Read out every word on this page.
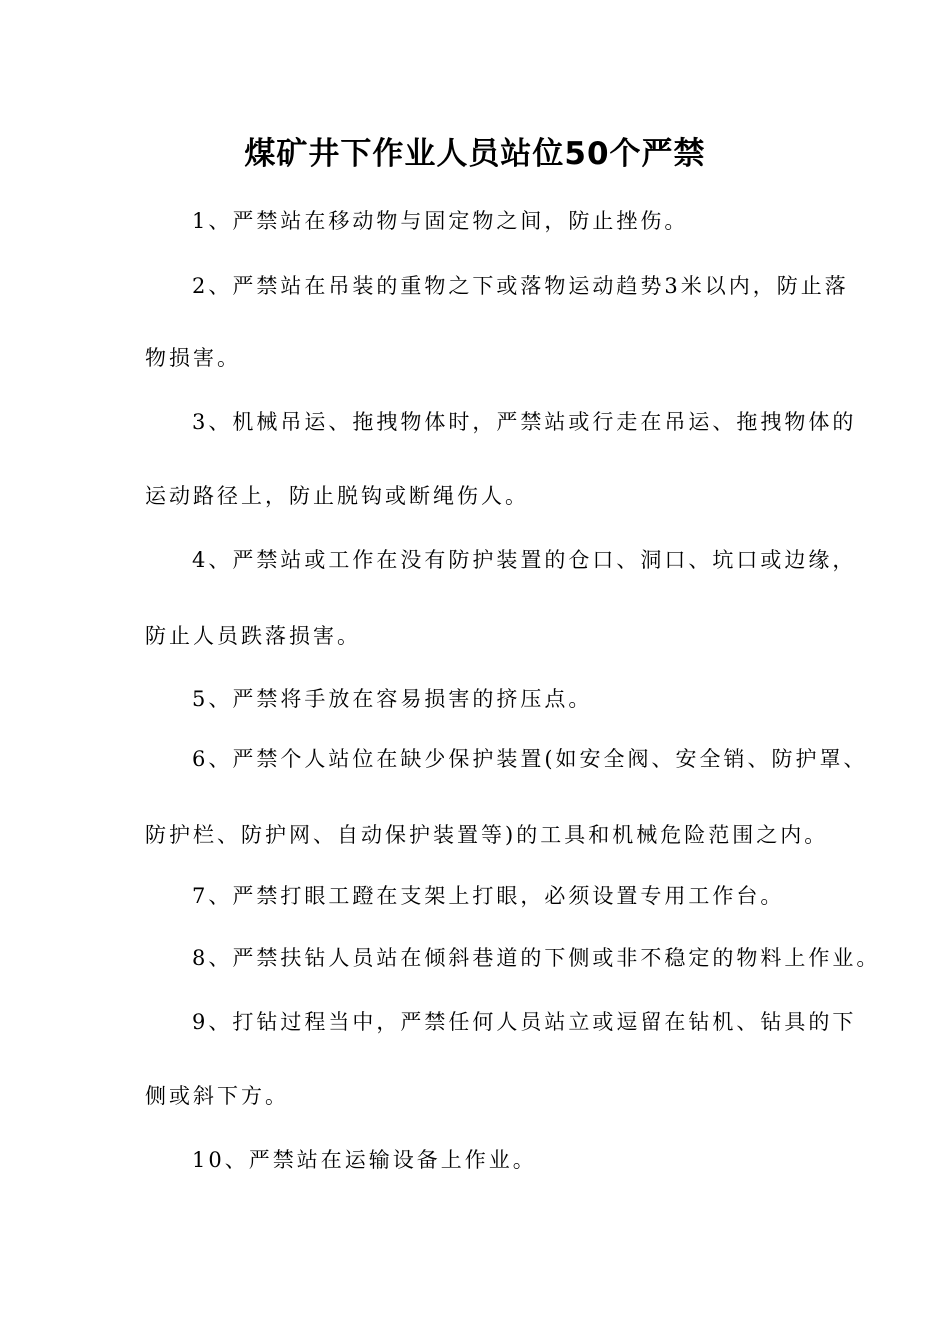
煤矿井下作业人员站位50个严禁
1、严禁站在移动物与固定物之间，防止挫伤。
2、严禁站在吊装的重物之下或落物运动趋势3米以内，防止落
物损害。
3、机械吊运、拖拽物体时，严禁站或行走在吊运、拖拽物体的
运动路径上，防止脱钩或断绳伤人。
4、严禁站或工作在没有防护装置的仓口、洞口、坑口或边缘，
防止人员跌落损害。
5、严禁将手放在容易损害的挤压点。
6、严禁个人站位在缺少保护装置(如安全阀、安全销、防护罩、
防护栏、防护网、自动保护装置等)的工具和机械危险范围之内。
7、严禁打眼工蹬在支架上打眼，必须设置专用工作台。
8、严禁扶钻人员站在倾斜巷道的下侧或非不稳定的物料上作业。
9、打钻过程当中，严禁任何人员站立或逗留在钻机、钻具的下
侧或斜下方。
10、严禁站在运输设备上作业。
